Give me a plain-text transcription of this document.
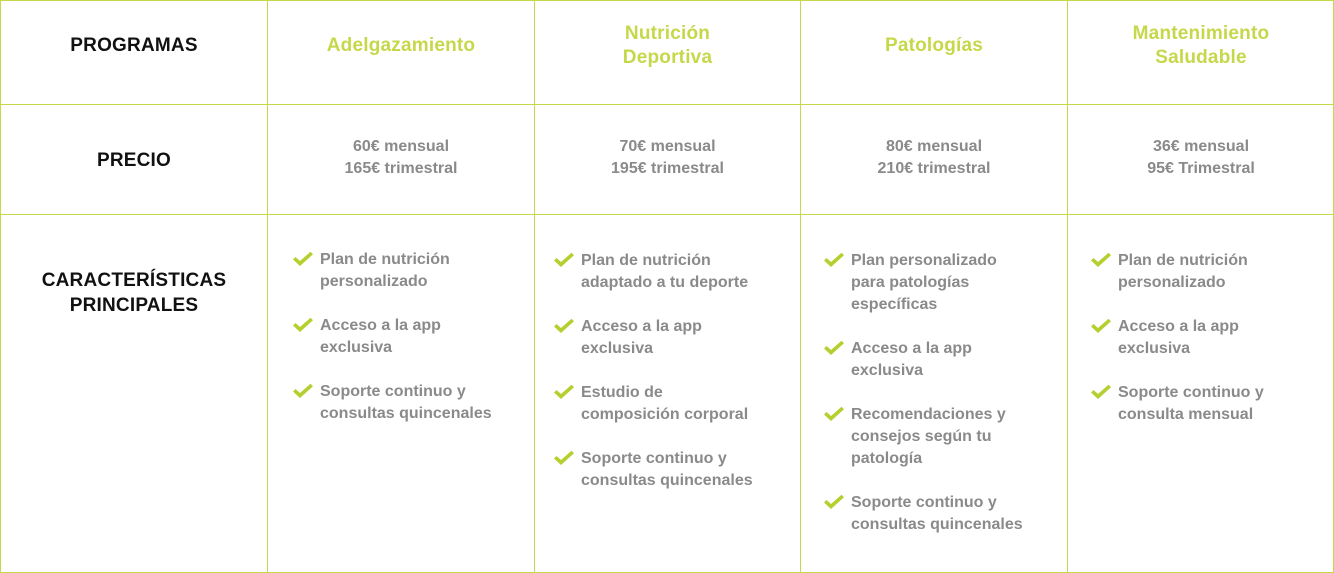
PROGRAMAS	Adelgazamiento
Nutrición
Deportiva
Patologías
Mantenimiento
Saludable
PRECIO
60€ mensual
165€ trimestral
70€ mensual
195€ trimestral
80€ mensual
210€ trimestral
36€ mensual
95€ Trimestral
CARACTERÍSTICAS
PRINCIPALES
Plan de nutrición
personalizado
Acceso a la app
exclusiva
Soporte continuo y
consultas quincenales
Plan de nutrición
adaptado a tu deporte
Acceso a la app
exclusiva
Estudio de
composición corporal
Soporte continuo y
consultas quincenales
Plan personalizado
para patologías
específicas
Acceso a la app
exclusiva
Recomendaciones y
consejos según tu
patología
Soporte continuo y
consultas quincenales
Plan de nutrición
personalizado
Acceso a la app
exclusiva
Soporte continuo y
consulta mensual
